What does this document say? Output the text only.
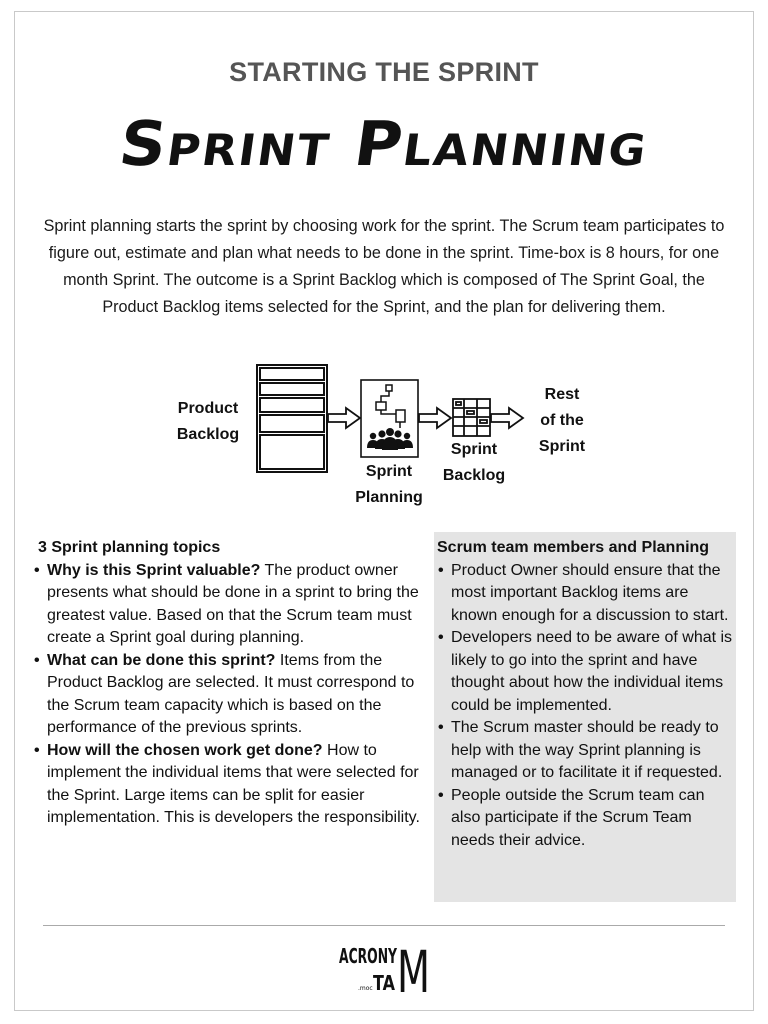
STARTING THE SPRINT
Sprint Planning
Sprint planning starts the sprint by choosing work for the sprint. The Scrum team participates to figure out, estimate and plan what needs to be done in the sprint. Time-box is 8 hours, for one month Sprint. The outcome is a Sprint Backlog which is composed of The Sprint Goal, the Product Backlog items selected for the Sprint, and the plan for delivering them.
Product
Backlog
Sprint
Planning
Sprint
Backlog
Rest
of the
Sprint
3 Sprint planning topics
• Why is this Sprint valuable? The product owner presents what should be done in a sprint to bring the greatest value. Based on that the Scrum team must create a Sprint goal during planning.
• What can be done this sprint? Items from the Product Backlog are selected. It must correspond to the Scrum team capacity which is based on the performance of the previous sprints.
• How will the chosen work get done? How to implement the individual items that were selected for the Sprint. Large items can be split for easier implementation. This is developers the responsibility.
Scrum team members and Planning
• Product Owner should ensure that the most important Backlog items are known enough for a discussion to start.
• Developers need to be aware of what is likely to go into the sprint and have thought about how the individual items could be implemented.
• The Scrum master should be ready to help with the way Sprint planning is managed or to facilitate it if requested.
• People outside the Scrum team can also participate if the Scrum Team needs their advice.
ACRONY
TA
.moc M
